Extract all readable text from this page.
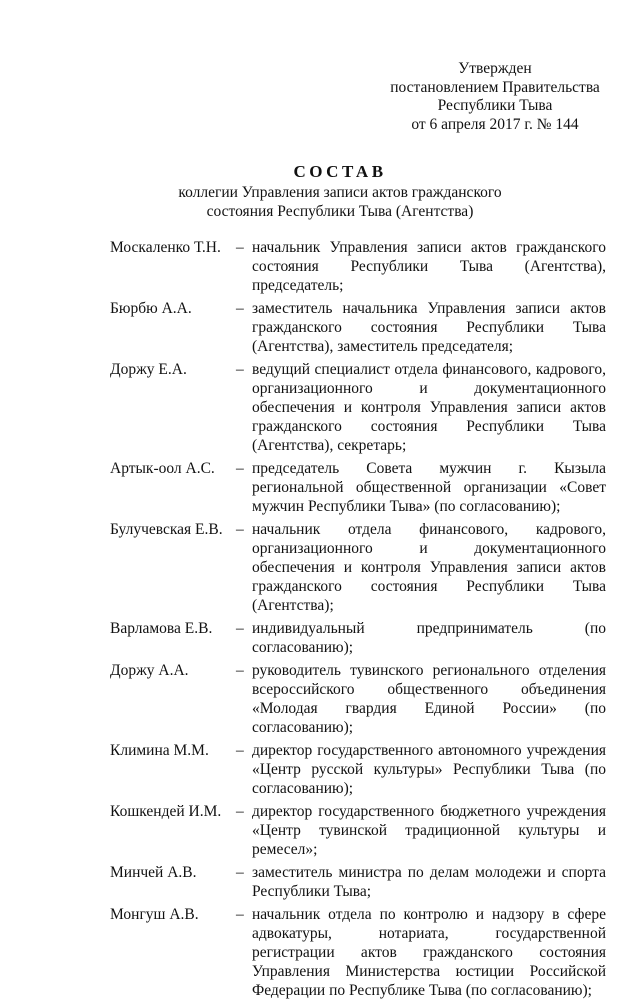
Утвержден
постановлением Правительства
Республики Тыва
от 6 апреля 2017 г. № 144
СОСТАВ
коллегии Управления записи актов гражданского
состояния Республики Тыва (Агентства)
Москаленко Т.Н. – начальник Управления записи актов гражданского состояния Республики Тыва (Агентства), председатель;
Бюрбю А.А.	– заместитель начальника Управления записи актов гражданского состояния Республики Тыва (Агентства), заместитель председателя;
Доржу Е.А.	– ведущий специалист отдела финансового, кадрового, организационного и документационного обеспечения и контроля Управления записи актов гражданского состояния Республики Тыва (Агентства), секретарь;
Артык-оол А.С.	– председатель Совета мужчин г. Кызыла региональной общественной организации «Совет мужчин Республики Тыва» (по согласованию);
Булучевская Е.В. – начальник отдела финансового, кадрового, организационного и документационного обеспечения и контроля Управления записи актов гражданского состояния Республики Тыва (Агентства);
Варламова Е.В.	– индивидуальный предприниматель (по согласованию);
Доржу А.А.	– руководитель тувинского регионального отделения всероссийского общественного объединения «Молодая гвардия Единой России» (по согласованию);
Климина М.М.	– директор государственного автономного учреждения «Центр русской культуры» Республики Тыва (по согласованию);
Кошкендей И.М. – директор государственного бюджетного учреждения «Центр тувинской традиционной культуры и ремесел»;
Минчей А.В.	– заместитель министра по делам молодежи и спорта Республики Тыва;
Монгуш А.В.	– начальник отдела по контролю и надзору в сфере адвокатуры, нотариата, государственной регистрации актов гражданского состояния Управления Министерства юстиции Российской Федерации по Республике Тыва (по согласованию);
